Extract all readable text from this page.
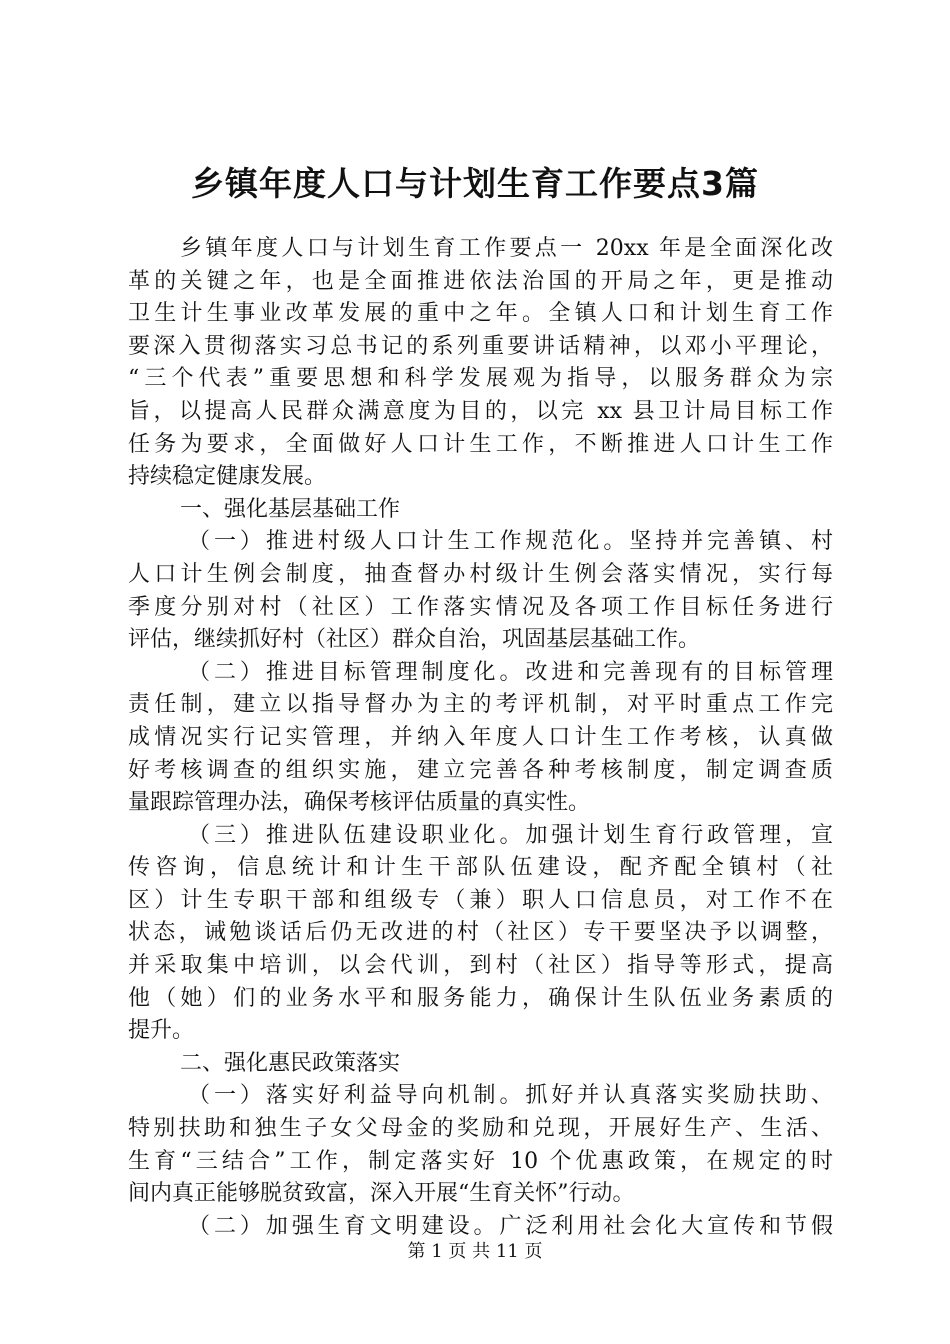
乡镇年度人口与计划生育工作要点3篇

乡镇年度人口与计划生育工作要点一 20xx 年是全面深化改

革的关键之年，也是全面推进依法治国的开局之年，更是推动

卫生计生事业改革发展的重中之年。全镇人口和计划生育工作

要深入贯彻落实习总书记的系列重要讲话精神，以邓小平理论，

“三个代表”重要思想和科学发展观为指导，以服务群众为宗

旨，以提高人民群众满意度为目的，以完 xx 县卫计局目标工作

任务为要求，全面做好人口计生工作，不断推进人口计生工作

持续稳定健康发展。

一、强化基层基础工作

（一）推进村级人口计生工作规范化。坚持并完善镇、村

人口计生例会制度，抽查督办村级计生例会落实情况，实行每

季度分别对村（社区）工作落实情况及各项工作目标任务进行

评估，继续抓好村（社区）群众自治，巩固基层基础工作。

（二）推进目标管理制度化。改进和完善现有的目标管理

责任制，建立以指导督办为主的考评机制，对平时重点工作完

成情况实行记实管理，并纳入年度人口计生工作考核，认真做

好考核调查的组织实施，建立完善各种考核制度，制定调查质

量跟踪管理办法，确保考核评估质量的真实性。

（三）推进队伍建设职业化。加强计划生育行政管理，宣

传咨询，信息统计和计生干部队伍建设，配齐配全镇村（社

区）计生专职干部和组级专（兼）职人口信息员，对工作不在

状态，诫勉谈话后仍无改进的村（社区）专干要坚决予以调整，

并采取集中培训，以会代训，到村（社区）指导等形式，提高

他（她）们的业务水平和服务能力，确保计生队伍业务素质的

提升。

二、强化惠民政策落实

（一）落实好利益导向机制。抓好并认真落实奖励扶助、

特别扶助和独生子女父母金的奖励和兑现，开展好生产、生活、

生育“三结合”工作，制定落实好 10 个优惠政策，在规定的时

间内真正能够脱贫致富，深入开展“生育关怀”行动。

（二）加强生育文明建设。广泛利用社会化大宣传和节假

第 1 页 共 11 页
